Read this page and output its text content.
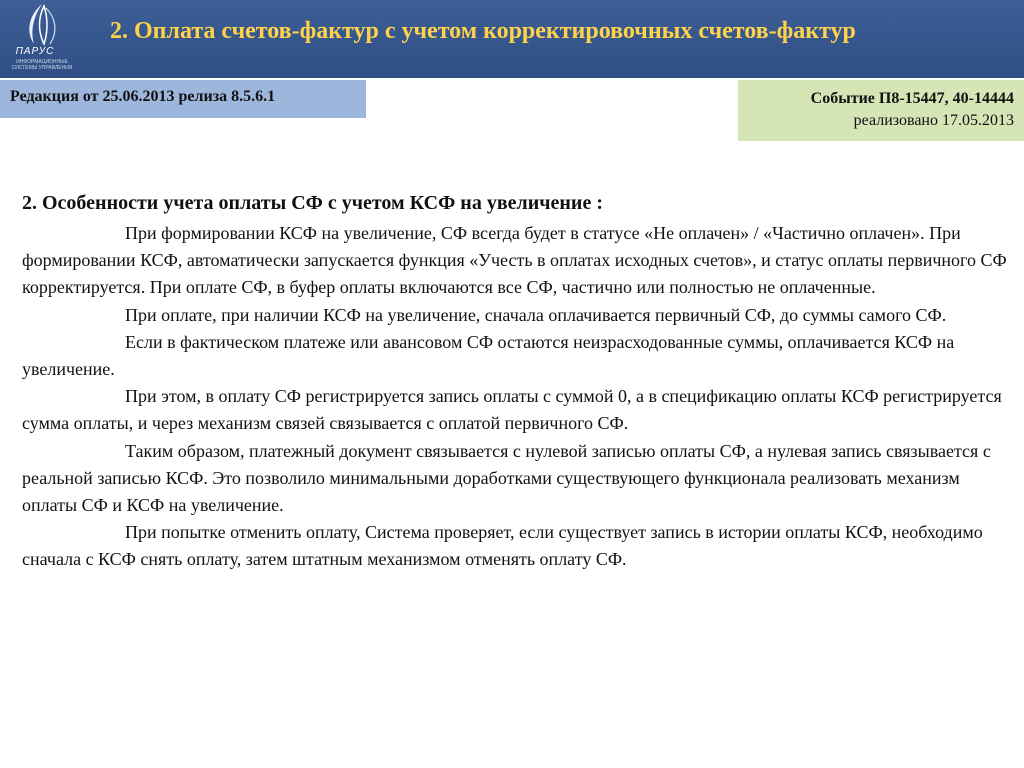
ПАРУС
ИНФОРМАЦИОННЫЕ СИСТЕМЫ УПРАВЛЕНИЯ
2. Оплата счетов-фактур с учетом корректировочных счетов-фактур
Редакция от 25.06.2013 релиза 8.5.6.1	Событие П8-15447, 40-14444
реализовано 17.05.2013
2. Особенности учета оплаты СФ с учетом КСФ на увеличение :

При формировании КСФ на увеличение, СФ всегда будет в статусе «Не оплачен» / «Частично оплачен». При формировании КСФ, автоматически запускается функция «Учесть в оплатах исходных счетов», и статус оплаты первичного СФ корректируется. При оплате СФ, в буфер оплаты включаются все СФ, частично или полностью не оплаченные.

При оплате, при наличии КСФ на увеличение, сначала оплачивается первичный СФ, до суммы самого СФ.

Если в фактическом платеже или авансовом СФ остаются неизрасходованные суммы, оплачивается КСФ на увеличение.

При этом, в оплату СФ регистрируется запись оплаты с суммой 0, а в спецификацию оплаты КСФ регистрируется сумма оплаты, и через механизм связей связывается с оплатой первичного СФ.

Таким образом, платежный документ связывается с нулевой записью оплаты СФ, а нулевая запись связывается с реальной записью КСФ. Это позволило минимальными доработками существующего функционала реализовать механизм оплаты СФ и КСФ на увеличение.

При попытке отменить оплату, Система проверяет, если существует запись в истории оплаты КСФ, необходимо сначала с КСФ снять оплату, затем штатным механизмом отменять оплату СФ.
